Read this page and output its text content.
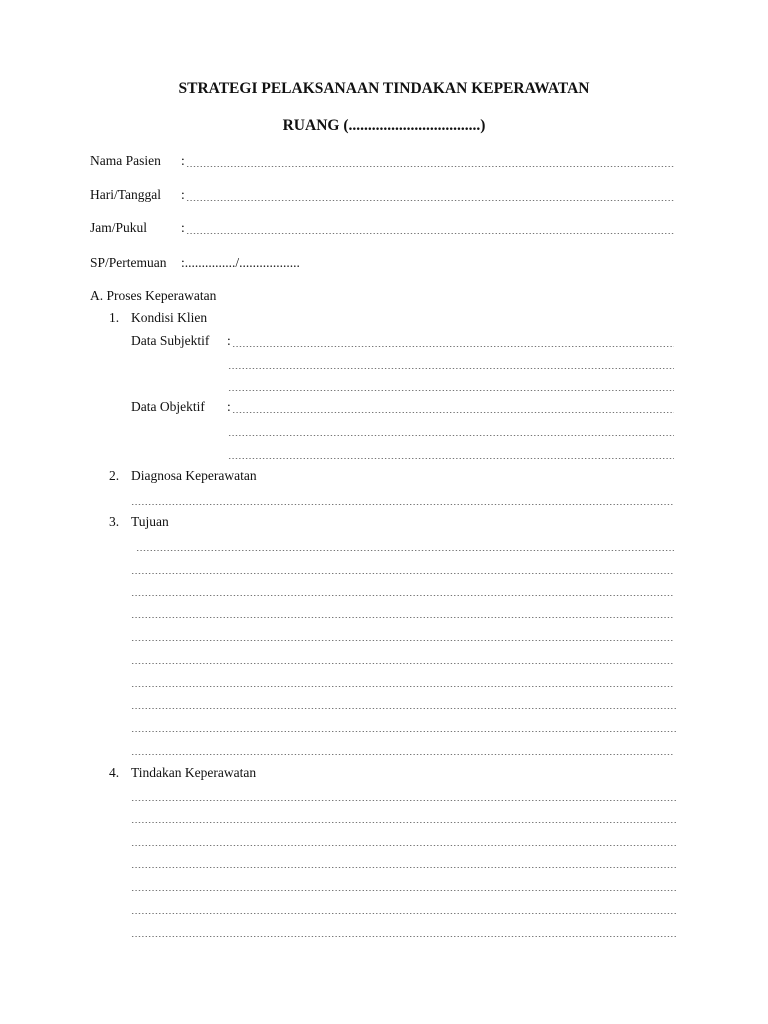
STRATEGI PELAKSANAAN TINDAKAN KEPERAWATAN
RUANG (..................................)
Nama Pasien :
Hari/Tanggal :
Jam/Pukul	:
SP/Pertemuan :.............../..................
A. Proses Keperawatan
1. Kondisi Klien
Data Subjektif :
Data Objektif :
2. Diagnosa Keperawatan
3. Tujuan
4. Tindakan Keperawatan
